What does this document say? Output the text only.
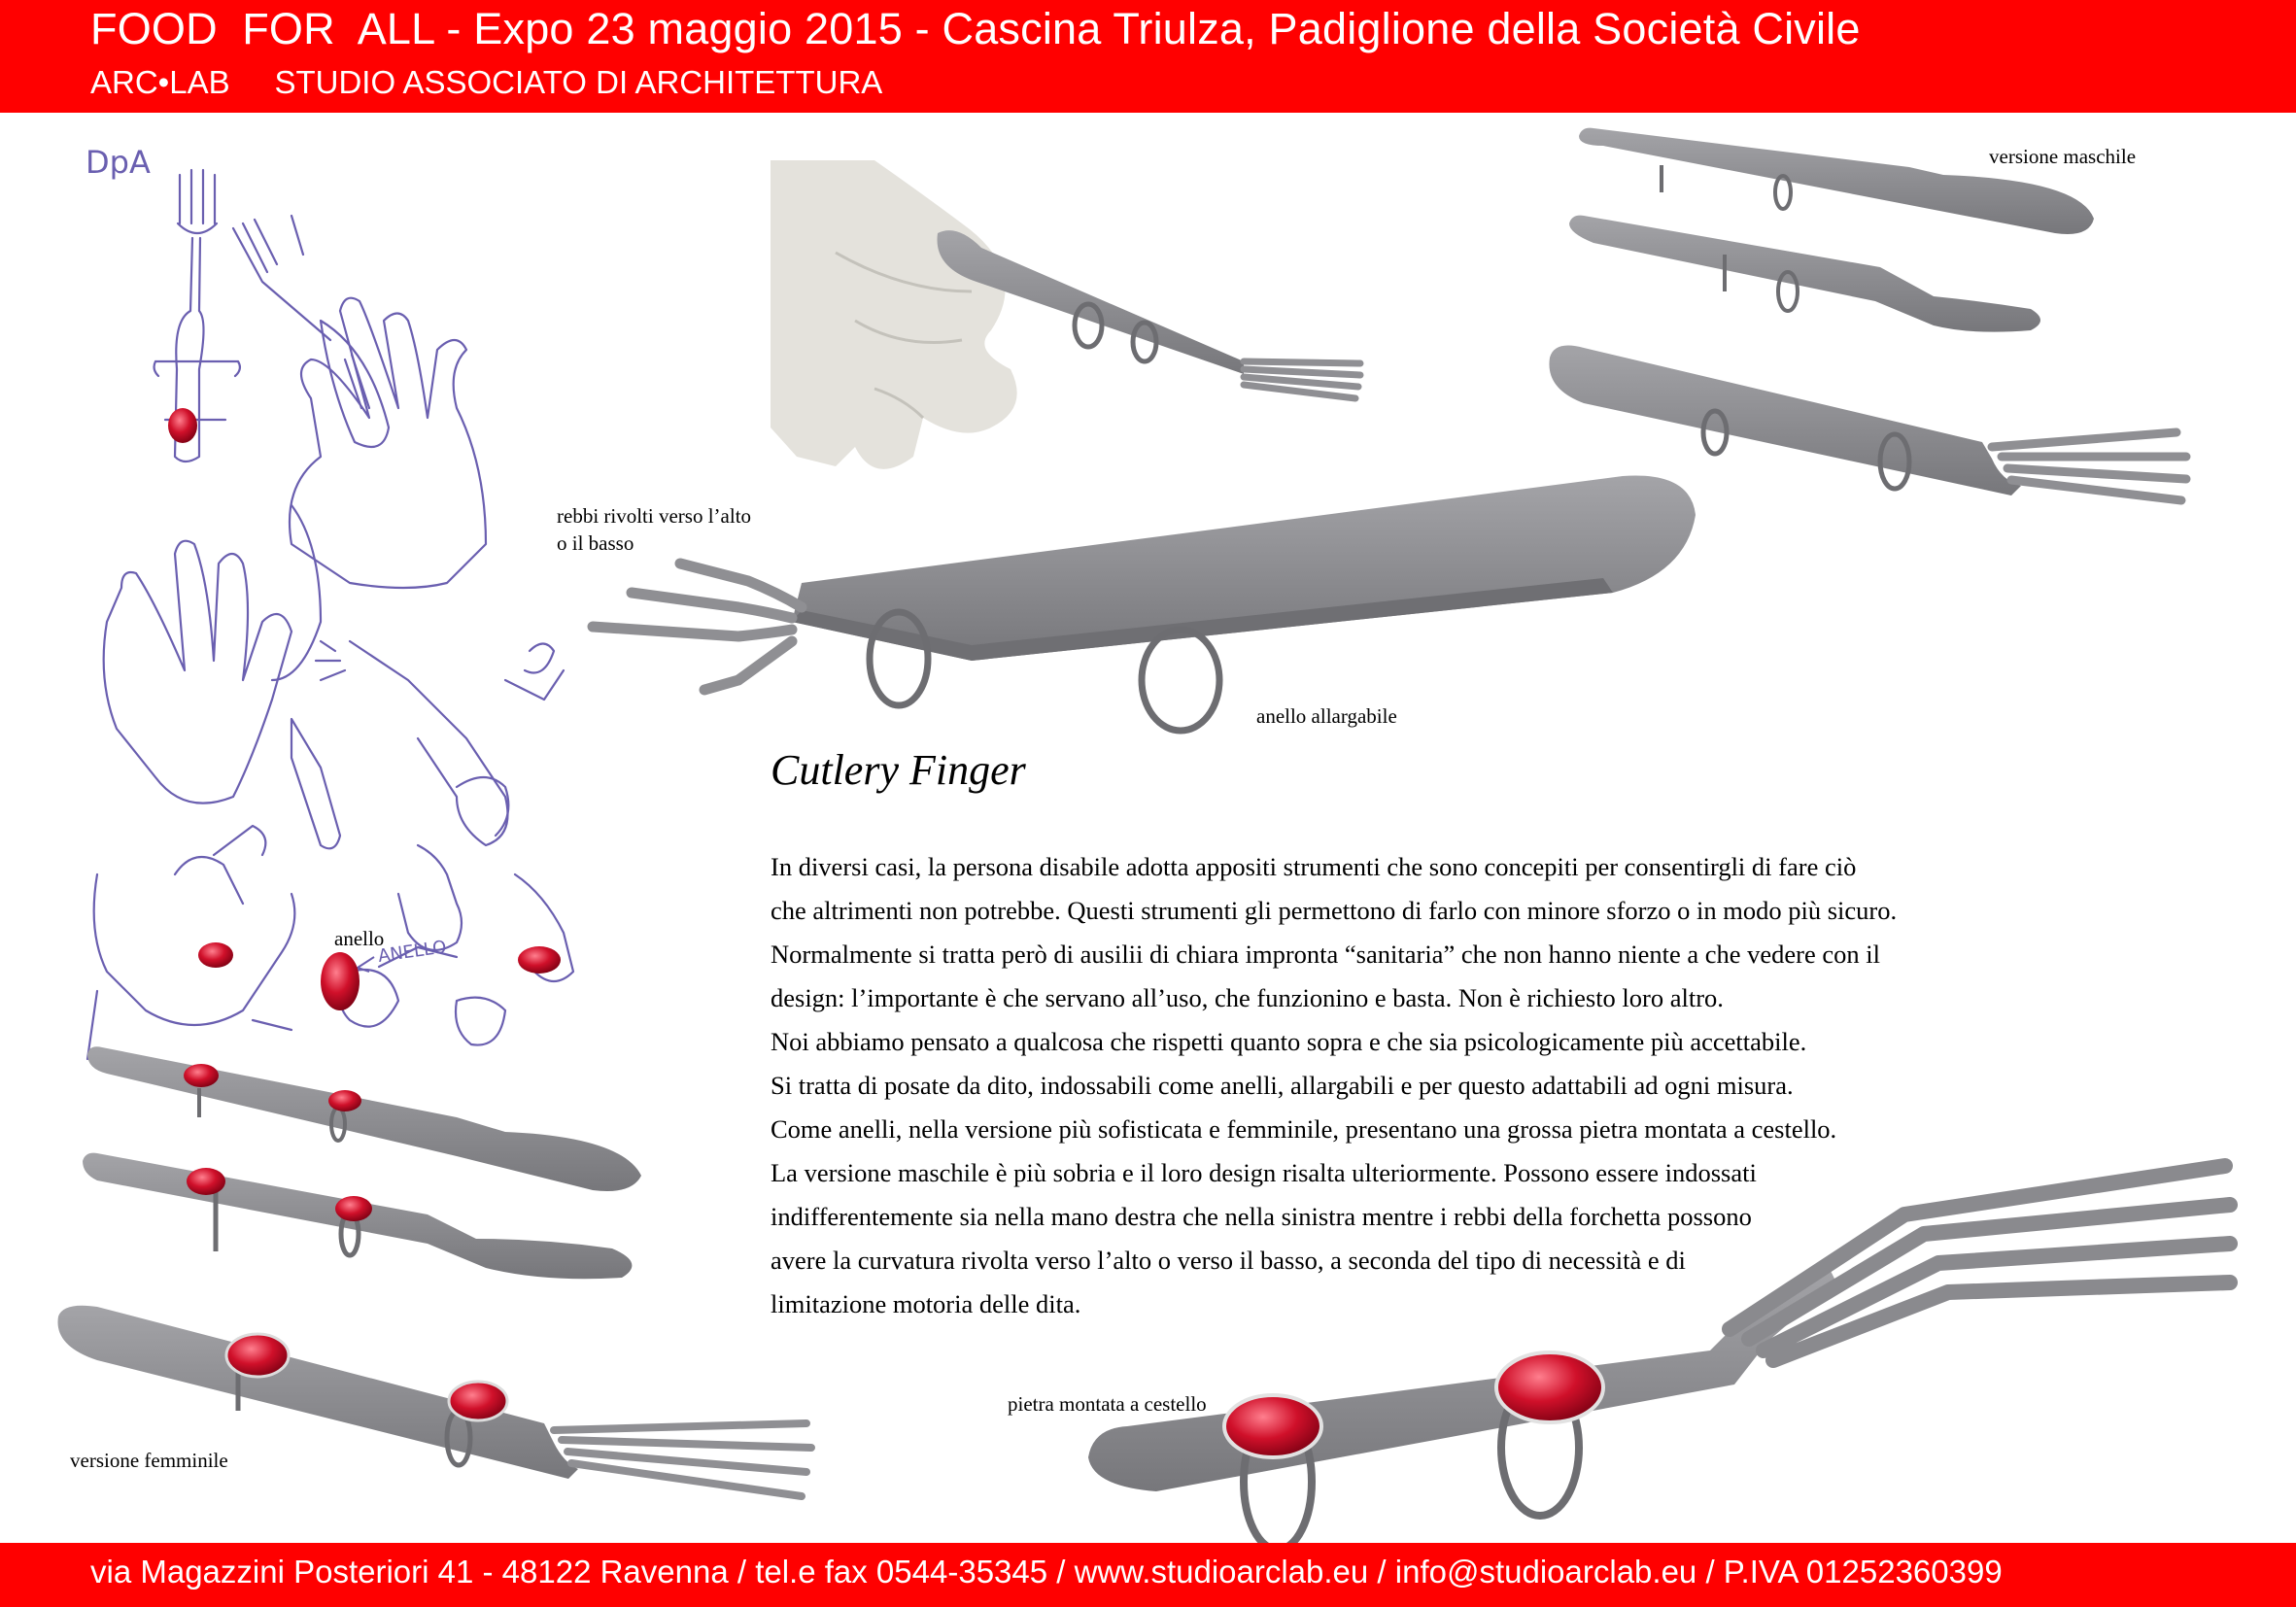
FOOD  FOR  ALL - Expo 23 maggio 2015 - Cascina Triulza, Padiglione della Società Civile
ARC•LAB     STUDIO ASSOCIATO DI ARCHITETTURA
DpA
ANELLO
versione maschile
rebbi rivolti verso l’alto
o il basso
anello allargabile
anello
versione femminile
pietra montata a cestello
Cutlery Finger
In diversi casi, la persona disabile adotta appositi strumenti che sono concepiti per consentirgli di fare ciò
che altrimenti non potrebbe. Questi strumenti gli permettono di farlo con minore sforzo o in modo più sicuro.
Normalmente si tratta però di ausilii di chiara impronta “sanitaria” che non hanno niente a che vedere con il
design: l’importante è che servano all’uso, che funzionino e basta. Non è richiesto loro altro.
Noi abbiamo pensato a qualcosa che rispetti quanto sopra e che sia psicologicamente più accettabile.
Si tratta di posate da dito, indossabili come anelli, allargabili e per questo adattabili ad ogni misura.
Come anelli, nella versione più sofisticata e femminile, presentano una grossa pietra montata a cestello.
La versione maschile è più sobria e il loro design risalta ulteriormente. Possono essere indossati
indifferentemente sia nella mano destra che nella sinistra mentre i rebbi della forchetta possono
avere la curvatura rivolta verso l’alto o verso il basso, a seconda del tipo di necessità e di
limitazione motoria delle dita.
via Magazzini Posteriori 41 - 48122 Ravenna / tel.e fax 0544-35345 / www.studioarclab.eu / info@studioarclab.eu / P.IVA 01252360399
